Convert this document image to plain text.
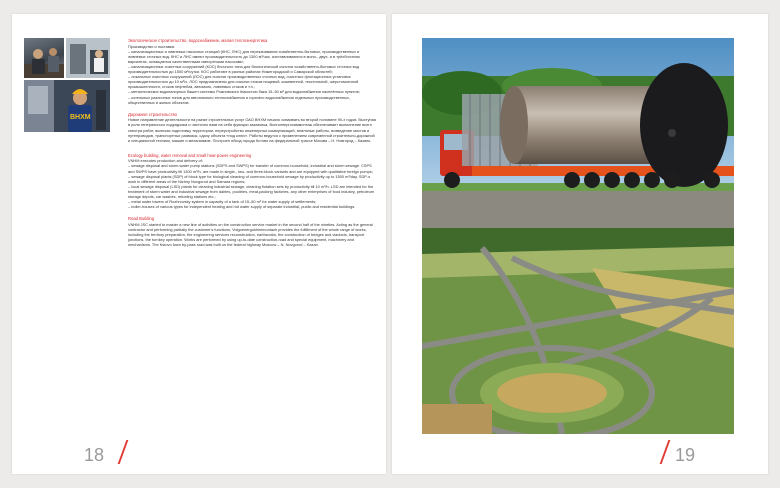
ВНХМ

Экологическое строительство, водоснабжение, малая теплоэнергетика

Производство и поставка:

– канализационных и ливневых насосных станций (КНС, ЛНС) для перекачивания хозяйственно-бытовых, производственных и ливневых сточных вод. КНС и ЛНС имеют производительность до 1300 м³/час, изготавливаются в моно-, двух- и в трёхблочном вариантах, оснащаются качественными импортными насосами;

– канализационных очистных сооружений (КОС) блочного типа для биологической очистки хозяйственно-бытовых сточных вод производительностью до 1500 м³/сутки. КОС работают в разных районах Нижегородской и Самарской областей;

– локальных очистных сооружений (ЛОС) для очистки производственных сточных вод; очистных флотационных установок производительностью до 10 м³/ч. ЛОС предназначены для очистки стоков пищевой, кожевенной, текстильной, шерстомоечной промышленности, стоков нефтебаз, автомоек, ливневых стоков и т.п.;

– металлических водонапорных башен системы Рожновского ёмкостью бака 15–50 м³ для водоснабжения населённых пунктов;

– котельных различных типов для автономного теплоснабжения и горячего водоснабжения отдельных производственных, общественных и жилых объектов.

Дорожное строительство

Новое направление деятельности на рынке строительных услуг ОАО ВНХМ начало осваивать во второй половине 90-х годов. Выступая в роли генерального подрядчика и частично взяв на себя функции заказчика, Волгоэнергохиммонтаж обеспечивает выполнение всего спектра работ, включая подготовку территории, переустройство инженерных коммуникаций, земляные работы, возведение мостов и путепроводов, транспортных развязок, сдачу объекта «под ключ». Работы ведутся с применением современной строительно-дорожной и специальной техники, машин и механизмов. Построен обход города Кстово на федеральной трассе Москва – Н. Новгород – Казань.

Ecology building, water removal and small heat-power engineering

VNHM executes production and delivery of:

– sewage disposal and storm-water pump stations (SDPS and SWPS) for transfer of common-household, industrial and storm sewage. CSPS and SWPS have productivity till 1300 m³/h, are made in single-, two- and three-block variants and are equipped with qualitative foreign pumps;

– sewage disposal plants (SDP) of block type for biological cleaning of common-household sewage by productivity up to 1500 m³/day. SDP-s work in different areas of the Nizhny Novgorod and Samara regions;

– local sewage disposal (LSD) plants for cleaning industrial sewage, cleaning flotation sets by productivity till 10 m³/h. LSD are intended for the treatment of storm water and industrial sewage from dairies, poultries, meat-packing factories, any other enterprises of food industry, petroleum storage depots, car washes, refueling stations etc.;

– metal water towers of Rozhnovsky system in capacity of a tank of 15–50 m³ for water supply of settlements;

– boiler-houses of various types for independent heating and hot water supply of separate industrial, public and residential buildings.

Road Building

VNHM JSC started to master a new line of activities on the construction service market in the second half of the nineties. Acting as the general contractor and performing partially the customer's functions, Volgoenergokhimmontazh provides the fulfillment of the whole range of works, including the territory preparation, the engineering services reconstruction, earthworks, the construction of bridges and viaducts, transport junctions, the turnkey operation. Works are performed by using up-to-date construction-road and special equipment, machinery and mechanisms. The Kstovo town by-pass road was built on the federal highway Moscow – N. Novgorod – Kazan.

18	19
